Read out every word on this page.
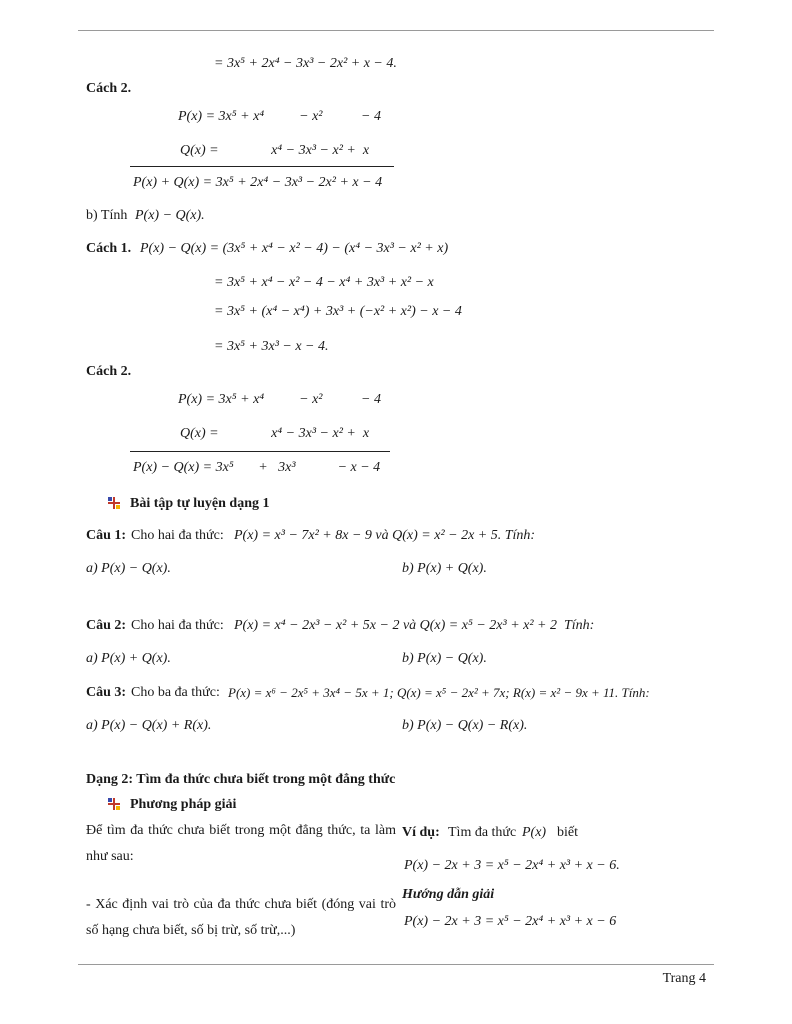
= 3x⁵ + 2x⁴ − 3x³ − 2x² + x − 4.
Cách 2.
P(x) = 3x⁵ + x⁴          − x²           − 4
Q(x) =               x⁴ − 3x³ − x² +  x
P(x) + Q(x) = 3x⁵ + 2x⁴ − 3x³ − 2x² + x − 4
b) Tính P(x) − Q(x).
Cách 1. P(x) − Q(x) = (3x⁵ + x⁴ − x² − 4) − (x⁴ − 3x³ − x² + x)
= 3x⁵ + x⁴ − x² − 4 − x⁴ + 3x³ + x² − x
= 3x⁵ + (x⁴ − x⁴) + 3x³ + (−x² + x²) − x − 4
= 3x⁵ + 3x³ − x − 4.
Cách 2.
P(x) = 3x⁵ + x⁴          − x²           − 4
Q(x) =               x⁴ − 3x³ − x² +  x
P(x) − Q(x) = 3x⁵       +   3x³            − x − 4
Bài tập tự luyện dạng 1
Câu 1: Cho hai đa thức: P(x) = x³ − 7x² + 8x − 9 và Q(x) = x² − 2x + 5. Tính:
a) P(x) − Q(x).	b) P(x) + Q(x).
Câu 2: Cho hai đa thức: P(x) = x⁴ − 2x³ − x² + 5x − 2 và Q(x) = x⁵ − 2x³ + x² + 2  Tính:
a) P(x) + Q(x).	b) P(x) − Q(x).
Câu 3: Cho ba đa thức: P(x) = x⁶ − 2x⁵ + 3x⁴ − 5x + 1; Q(x) = x⁵ − 2x² + 7x; R(x) = x² − 9x + 11. Tính:
a) P(x) − Q(x) + R(x).	b) P(x) − Q(x) − R(x).
Dạng 2: Tìm đa thức chưa biết trong một đẳng thức
Phương pháp giải
Để tìm đa thức chưa biết trong một đẳng thức, ta làm như sau:
- Xác định vai trò của đa thức chưa biết (đóng vai trò số hạng chưa biết, số bị trừ, số trừ,...)
Ví dụ: Tìm đa thức P(x) biết
P(x) − 2x + 3 = x⁵ − 2x⁴ + x³ + x − 6.
Hướng dẫn giải
P(x) − 2x + 3 = x⁵ − 2x⁴ + x³ + x − 6
Trang 4
